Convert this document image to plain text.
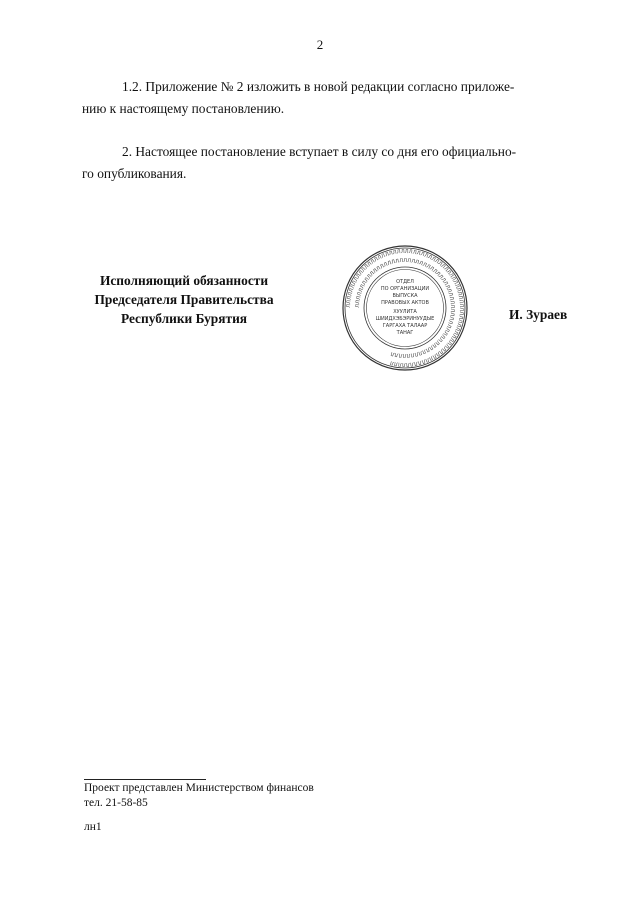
2
1.2. Приложение № 2 изложить в новой редакции согласно приложе-
нию к настоящему постановлению.
2. Настоящее постановление вступает в силу со дня его официально-
го опубликования.
Исполняющий обязанности
Председателя Правительства
Республики Бурятия
ЛЛЛЛЛЛЛЛЛЛЛЛЛЛЛЛЛЛЛЛЛЛЛЛЛЛЛЛЛЛЛЛЛЛЛЛЛЛЛЛЛЛЛЛЛЛЛЛЛЛЛЛЛЛЛЛЛЛЛЛЛЛЛЛЛЛЛЛЛЛ
ЛЛЛЛЛЛЛЛЛЛЛЛЛЛЛЛЛЛЛЛЛЛЛЛЛЛЛЛЛЛЛЛЛЛЛЛЛЛЛЛЛЛЛЛЛЛЛЛЛЛЛЛЛЛЛЛЛЛЛ
ОТДЕЛ
ПО ОРГАНИЗАЦИИ
ВЫПУСКА
ПРАВОВЫХ АКТОВ
ХУУЛИТА
ШИИДХЭБЭРИНУУДЫЕ
ГАРГАХА ТАЛААР
ТАНАГ
И. Зураев
Проект представлен Министерством финансов
тел. 21-58-85
лн1
